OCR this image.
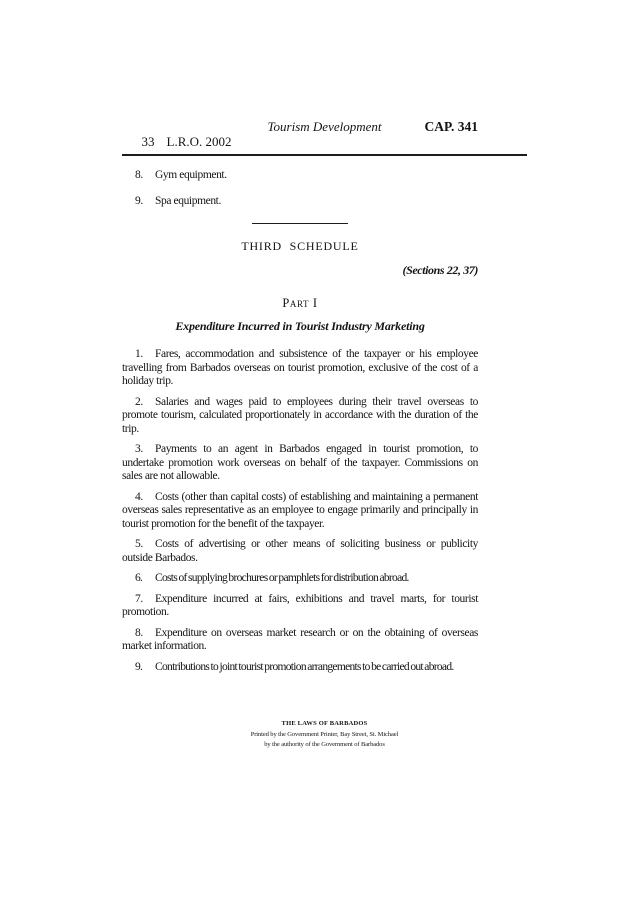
33 L.R.O. 2002

Tourism Development	CAP. 341

8. Gym equipment.

9. Spa equipment.

THIRD  SCHEDULE

(Sections 22, 37)

Part I

Expenditure Incurred in Tourist Industry Marketing

1. Fares, accommodation and subsistence of the taxpayer or his employee travelling from Barbados overseas on tourist promotion, exclusive of the cost of a holiday trip.

2. Salaries and wages paid to employees during their travel overseas to promote tourism, calculated proportionately in accordance with the duration of the trip.

3. Payments to an agent in Barbados engaged in tourist promotion, to undertake promotion work overseas on behalf of the taxpayer. Commissions on sales are not allowable.

4. Costs (other than capital costs) of establishing and maintaining a permanent overseas sales representative as an employee to engage primarily and principally in tourist promotion for the benefit of the taxpayer.

5. Costs of advertising or other means of soliciting business or publicity outside Barbados.

6. Costs of supplying brochures or pamphlets for distribution abroad.

7. Expenditure incurred at fairs, exhibitions and travel marts, for tourist promotion.

8. Expenditure on overseas market research or on the obtaining of overseas market information.

9. Contributions to joint tourist promotion arrangements to be carried out abroad.

THE LAWS OF BARBADOS
Printed by the Government Printer, Bay Street, St. Michael
by the authority of the Government of Barbados
